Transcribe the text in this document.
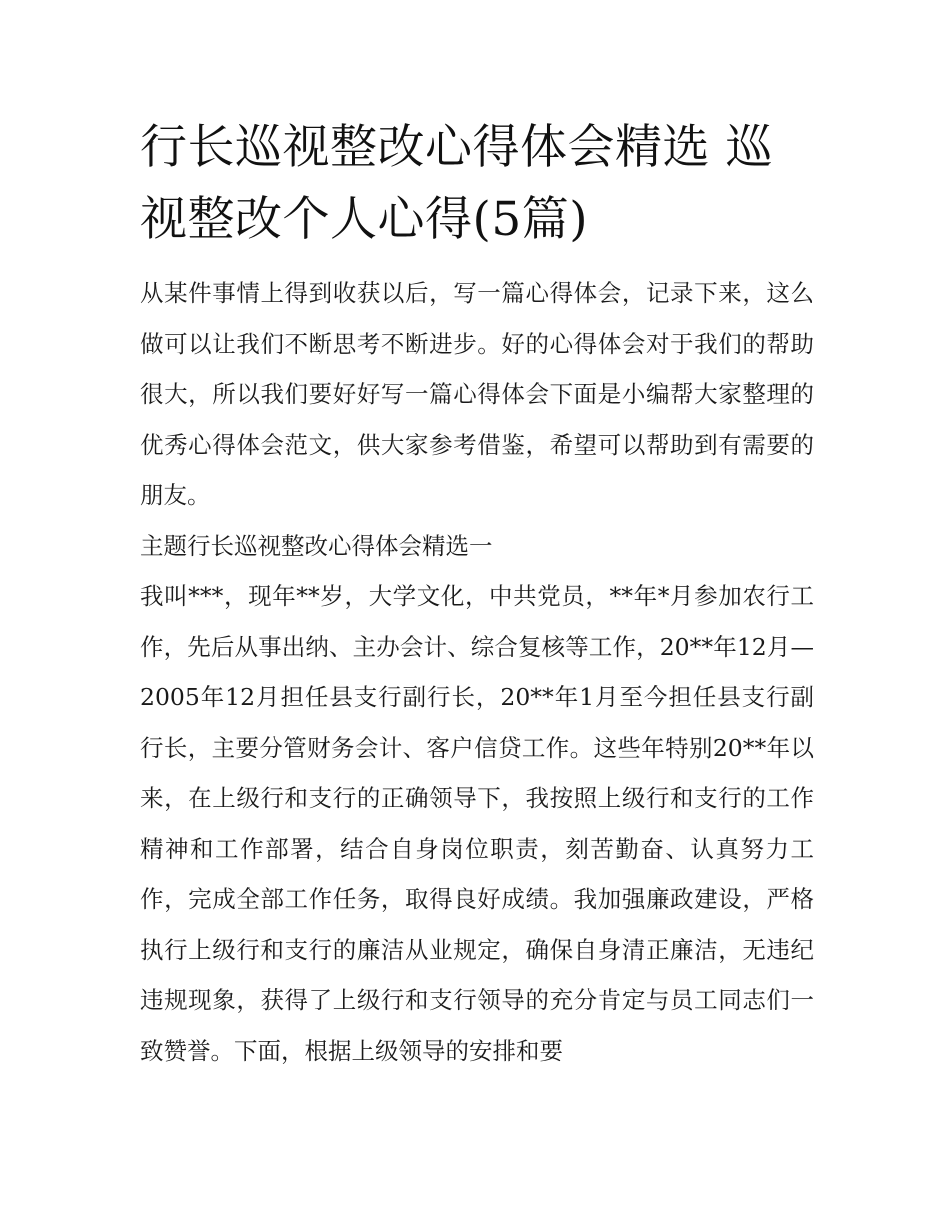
行长巡视整改心得体会精选 巡视整改个人心得(5篇)

从某件事情上得到收获以后，写一篇心得体会，记录下来，这么做可以让我们不断思考不断进步。好的心得体会对于我们的帮助很大，所以我们要好好写一篇心得体会下面是小编帮大家整理的优秀心得体会范文，供大家参考借鉴，希望可以帮助到有需要的朋友。

主题行长巡视整改心得体会精选一

我叫***，现年**岁，大学文化，中共党员，**年*月参加农行工作，先后从事出纳、主办会计、综合复核等工作，20**年12月—2005年12月担任县支行副行长，20**年1月至今担任县支行副行长，主要分管财务会计、客户信贷工作。这些年特别20**年以来，在上级行和支行的正确领导下，我按照上级行和支行的工作精神和工作部署，结合自身岗位职责，刻苦勤奋、认真努力工作，完成全部工作任务，取得良好成绩。我加强廉政建设，严格执行上级行和支行的廉洁从业规定，确保自身清正廉洁，无违纪违规现象，获得了上级行和支行领导的充分肯定与员工同志们一致赞誉。下面，根据上级领导的安排和要
